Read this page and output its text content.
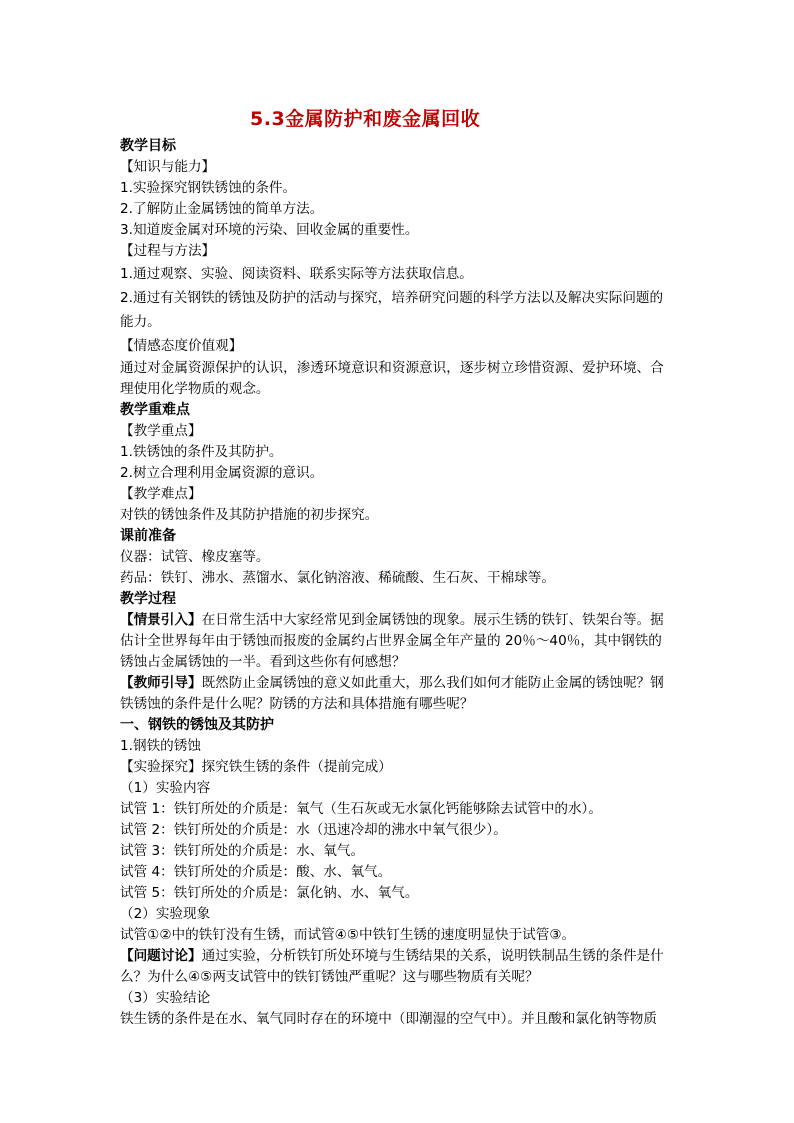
5.3金属防护和废金属回收
教学目标
【知识与能力】
1.实验探究钢铁锈蚀的条件。
2.了解防止金属锈蚀的简单方法。
3.知道废金属对环境的污染、回收金属的重要性。
【过程与方法】
1.通过观察、实验、阅读资料、联系实际等方法获取信息。
2.通过有关钢铁的锈蚀及防护的活动与探究，培养研究问题的科学方法以及解决实际问题的
能力。
【情感态度价值观】
通过对金属资源保护的认识，渗透环境意识和资源意识，逐步树立珍惜资源、爱护环境、合
理使用化学物质的观念。
教学重难点
【教学重点】
1.铁锈蚀的条件及其防护。
2.树立合理利用金属资源的意识。
【教学难点】
对铁的锈蚀条件及其防护措施的初步探究。
课前准备
仪器：试管、橡皮塞等。
药品：铁钉、沸水、蒸馏水、氯化钠溶液、稀硫酸、生石灰、干棉球等。
教学过程
【情景引入】在日常生活中大家经常见到金属锈蚀的现象。展示生锈的铁钉、铁架台等。据
估计全世界每年由于锈蚀而报废的金属约占世界金属全年产量的 20％～40％，其中钢铁的
锈蚀占金属锈蚀的一半。看到这些你有何感想？
【教师引导】既然防止金属锈蚀的意义如此重大，那么我们如何才能防止金属的锈蚀呢？钢
铁锈蚀的条件是什么呢？防锈的方法和具体措施有哪些呢？
一、钢铁的锈蚀及其防护
1.钢铁的锈蚀
【实验探究】探究铁生锈的条件（提前完成）
（1）实验内容
试管 1：铁钉所处的介质是：氧气（生石灰或无水氯化钙能够除去试管中的水）。
试管 2：铁钉所处的介质是：水（迅速冷却的沸水中氧气很少）。
试管 3：铁钉所处的介质是：水、氧气。
试管 4：铁钉所处的介质是：酸、水、氧气。
试管 5：铁钉所处的介质是：氯化钠、水、氧气。
（2）实验现象
试管①②中的铁钉没有生锈，而试管④⑤中铁钉生锈的速度明显快于试管③。
【问题讨论】通过实验，分析铁钉所处环境与生锈结果的关系，说明铁制品生锈的条件是什
么？为什么④⑤两支试管中的铁钉锈蚀严重呢？这与哪些物质有关呢？
（3）实验结论
铁生锈的条件是在水、氧气同时存在的环境中（即潮湿的空气中）。并且酸和氯化钠等物质
